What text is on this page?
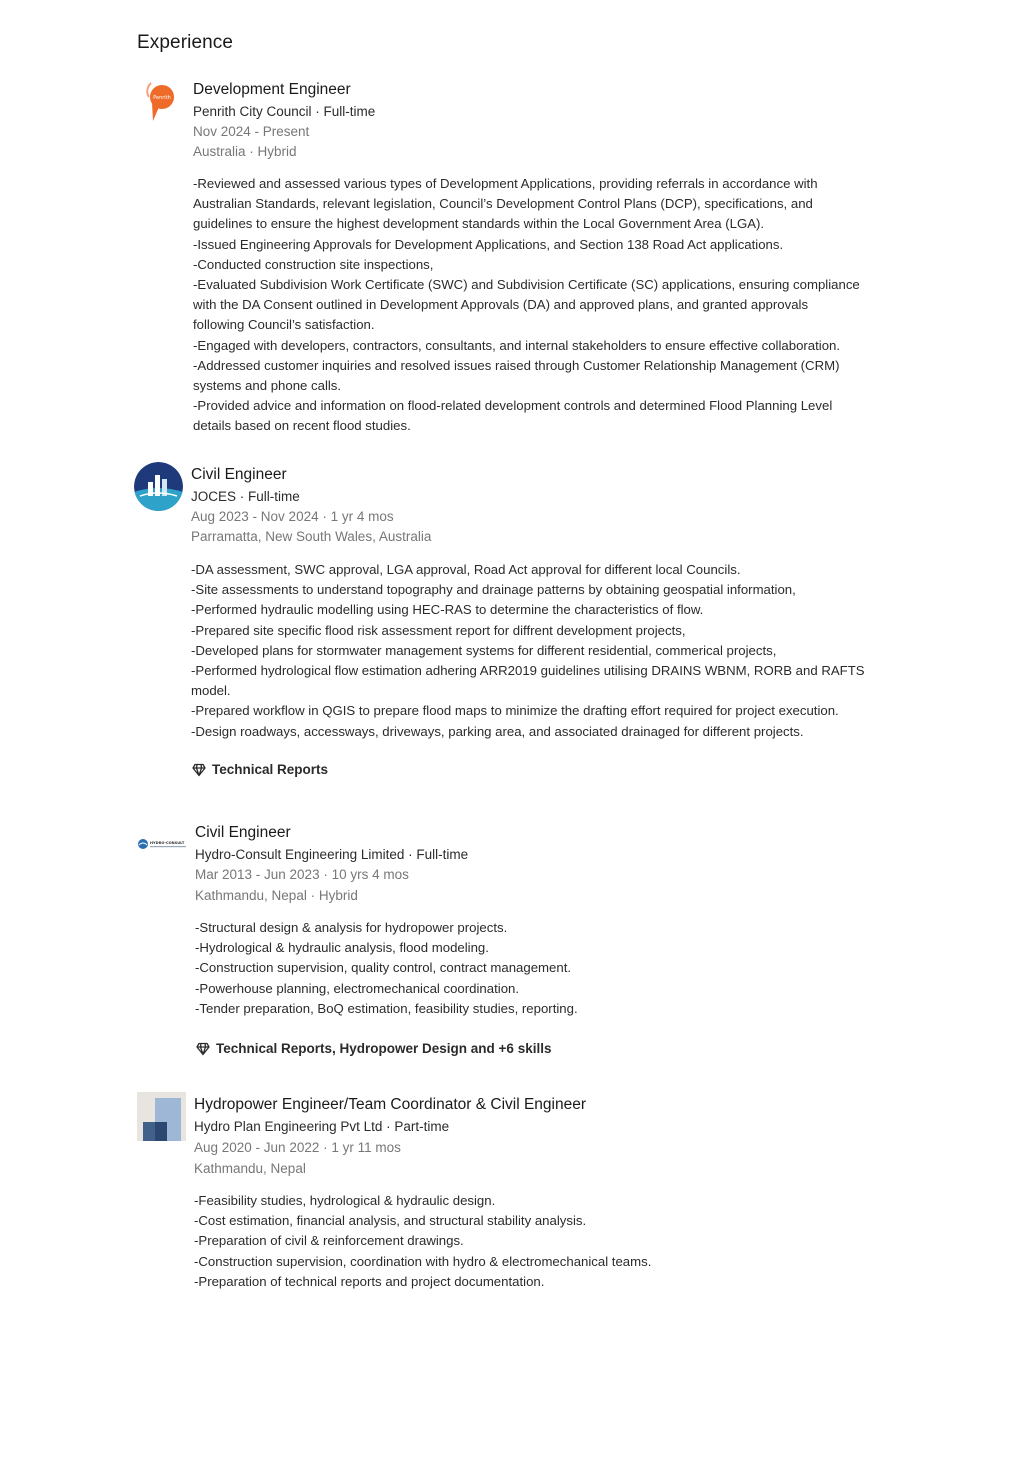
Experience
Penrith Development Engineer
Penrith City Council · Full-time
Nov 2024 - Present
Australia · Hybrid
-Reviewed and assessed various types of Development Applications, providing referrals in accordance with
Australian Standards, relevant legislation, Council’s Development Control Plans (DCP), specifications, and
guidelines to ensure the highest development standards within the Local Government Area (LGA).
-Issued Engineering Approvals for Development Applications, and Section 138 Road Act applications.
-Conducted construction site inspections,
-Evaluated Subdivision Work Certificate (SWC) and Subdivision Certificate (SC) applications, ensuring compliance
with the DA Consent outlined in Development Approvals (DA) and approved plans, and granted approvals
following Council’s satisfaction.
-Engaged with developers, contractors, consultants, and internal stakeholders to ensure effective collaboration.
-Addressed customer inquiries and resolved issues raised through Customer Relationship Management (CRM)
systems and phone calls.
-Provided advice and information on flood-related development controls and determined Flood Planning Level
details based on recent flood studies.
Civil Engineer
JOCES · Full-time
Aug 2023 - Nov 2024 · 1 yr 4 mos
Parramatta, New South Wales, Australia
-DA assessment, SWC approval, LGA approval, Road Act approval for different local Councils.
-Site assessments to understand topography and drainage patterns by obtaining geospatial information,
-Performed hydraulic modelling using HEC-RAS to determine the characteristics of flow.
-Prepared site specific flood risk assessment report for diffrent development projects,
-Developed plans for stormwater management systems for different residential, commerical projects,
-Performed hydrological flow estimation adhering ARR2019 guidelines utilising DRAINS WBNM, RORB and RAFTS
model.
-Prepared workflow in QGIS to prepare flood maps to minimize the drafting effort required for project execution.
-Design roadways, accessways, driveways, parking area, and associated drainaged for different projects.
Technical Reports
HYDRO-CONSULT
Civil Engineer
Hydro-Consult Engineering Limited · Full-time
Mar 2013 - Jun 2023 · 10 yrs 4 mos
Kathmandu, Nepal · Hybrid
-Structural design & analysis for hydropower projects.
-Hydrological & hydraulic analysis, flood modeling.
-Construction supervision, quality control, contract management.
-Powerhouse planning, electromechanical coordination.
-Tender preparation, BoQ estimation, feasibility studies, reporting.
Technical Reports, Hydropower Design and +6 skills
Hydropower Engineer/Team Coordinator & Civil Engineer
Hydro Plan Engineering Pvt Ltd · Part-time
Aug 2020 - Jun 2022 · 1 yr 11 mos
Kathmandu, Nepal
-Feasibility studies, hydrological & hydraulic design.
-Cost estimation, financial analysis, and structural stability analysis.
-Preparation of civil & reinforcement drawings.
-Construction supervision, coordination with hydro & electromechanical teams.
-Preparation of technical reports and project documentation.
